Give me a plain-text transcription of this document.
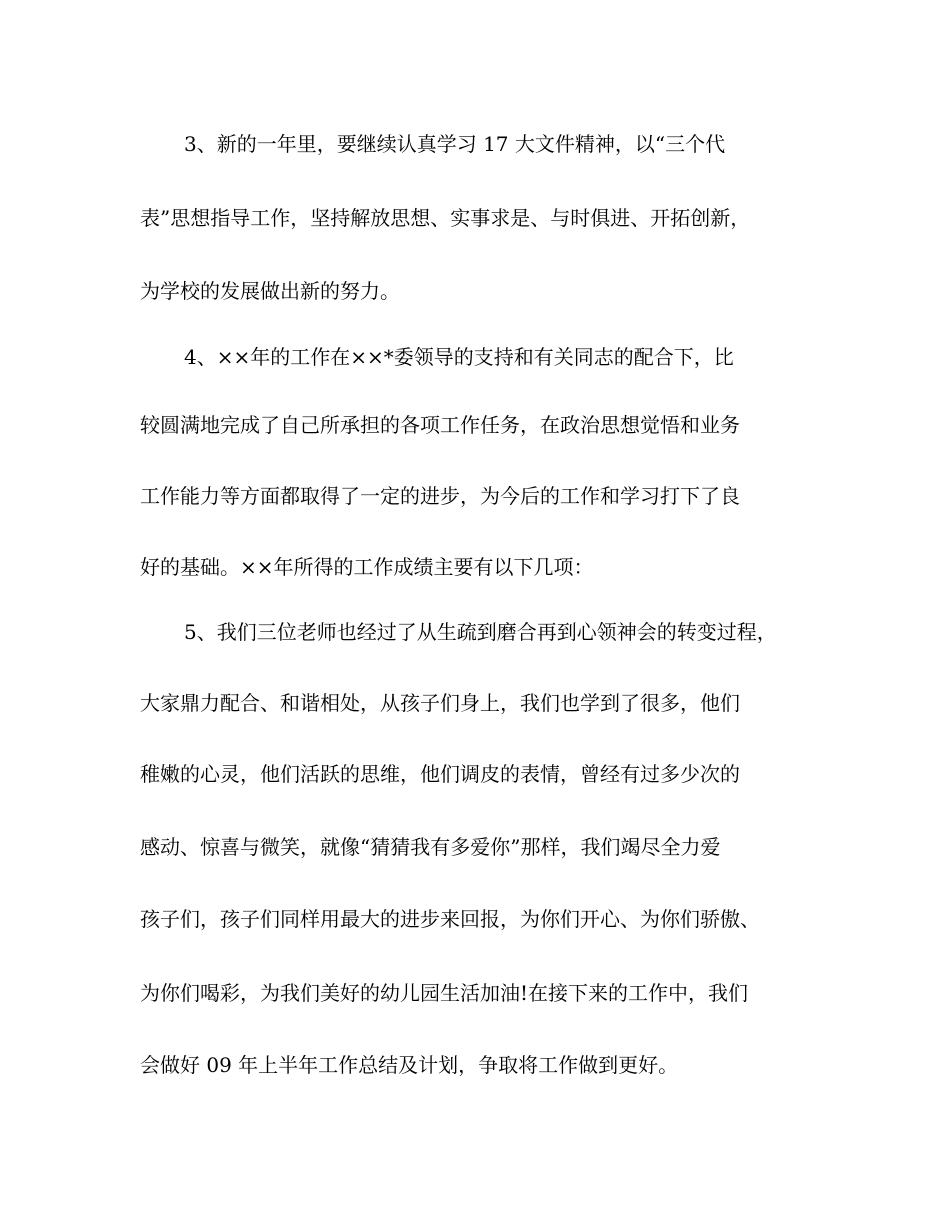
3、新的一年里，要继续认真学习 17 大文件精神，以“三个代
表”思想指导工作，坚持解放思想、实事求是、与时俱进、开拓创新，
为学校的发展做出新的努力。
4、××年的工作在××*委领导的支持和有关同志的配合下，比
较圆满地完成了自己所承担的各项工作任务，在政治思想觉悟和业务
工作能力等方面都取得了一定的进步，为今后的工作和学习打下了良
好的基础。××年所得的工作成绩主要有以下几项：
5、我们三位老师也经过了从生疏到磨合再到心领神会的转变过程，
大家鼎力配合、和谐相处，从孩子们身上，我们也学到了很多，他们
稚嫩的心灵，他们活跃的思维，他们调皮的表情，曾经有过多少次的
感动、惊喜与微笑，就像“猜猜我有多爱你”那样，我们竭尽全力爱
孩子们，孩子们同样用最大的进步来回报，为你们开心、为你们骄傲、
为你们喝彩，为我们美好的幼儿园生活加油!在接下来的工作中，我们
会做好 09 年上半年工作总结及计划，争取将工作做到更好。
